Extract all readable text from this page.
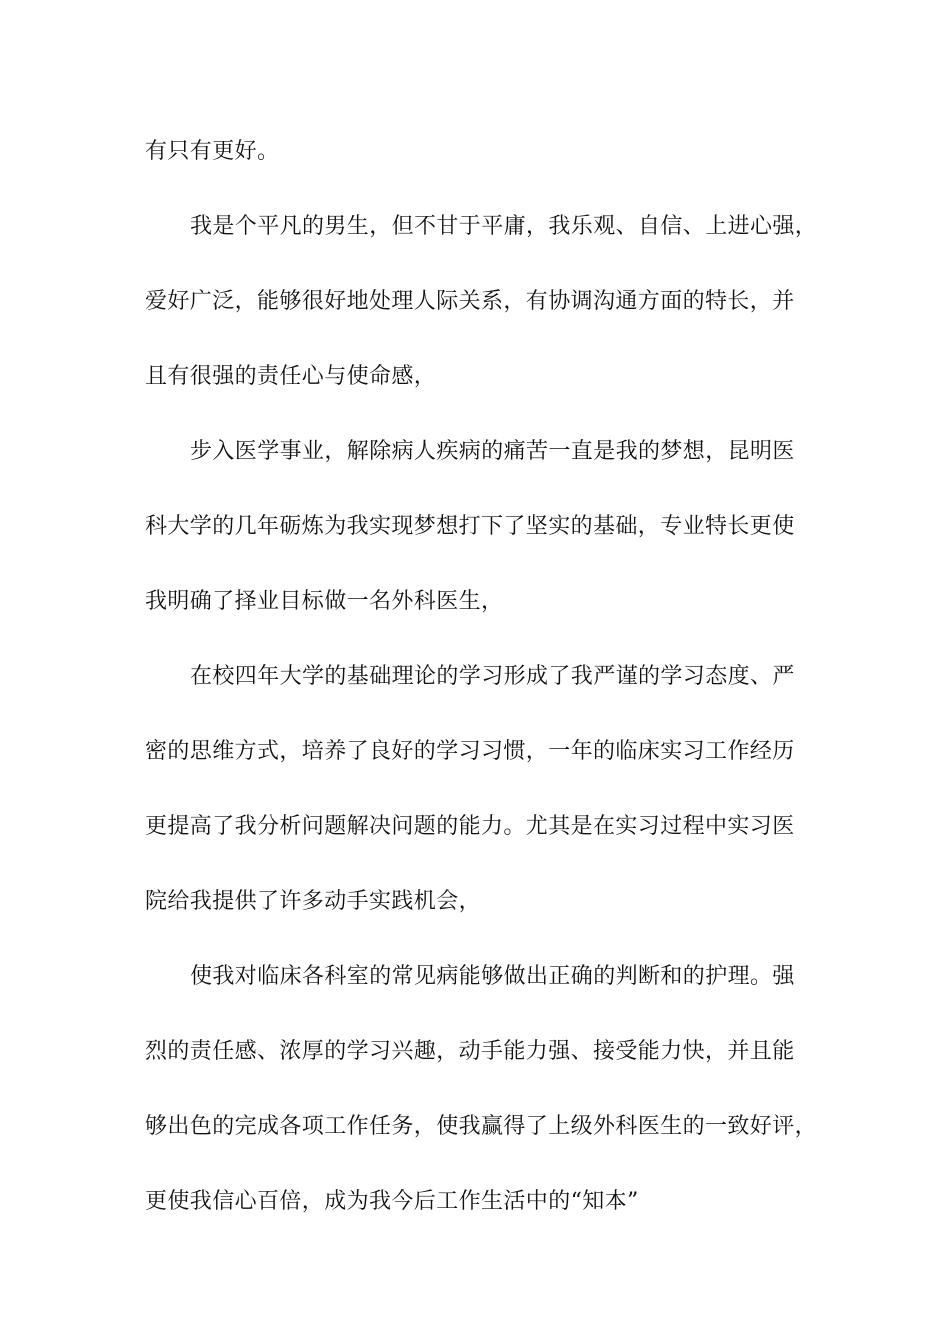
有只有更好。
我是个平凡的男生，但不甘于平庸，我乐观、自信、上进心强，
爱好广泛，能够很好地处理人际关系，有协调沟通方面的特长，并
且有很强的责任心与使命感，
步入医学事业，解除病人疾病的痛苦一直是我的梦想，昆明医
科大学的几年砺炼为我实现梦想打下了坚实的基础，专业特长更使
我明确了择业目标做一名外科医生，
在校四年大学的基础理论的学习形成了我严谨的学习态度、严
密的思维方式，培养了良好的学习习惯，一年的临床实习工作经历
更提高了我分析问题解决问题的能力。尤其是在实习过程中实习医
院给我提供了许多动手实践机会，
使我对临床各科室的常见病能够做出正确的判断和的护理。强
烈的责任感、浓厚的学习兴趣，动手能力强、接受能力快，并且能
够出色的完成各项工作任务，使我赢得了上级外科医生的一致好评，
更使我信心百倍，成为我今后工作生活中的“知本”
